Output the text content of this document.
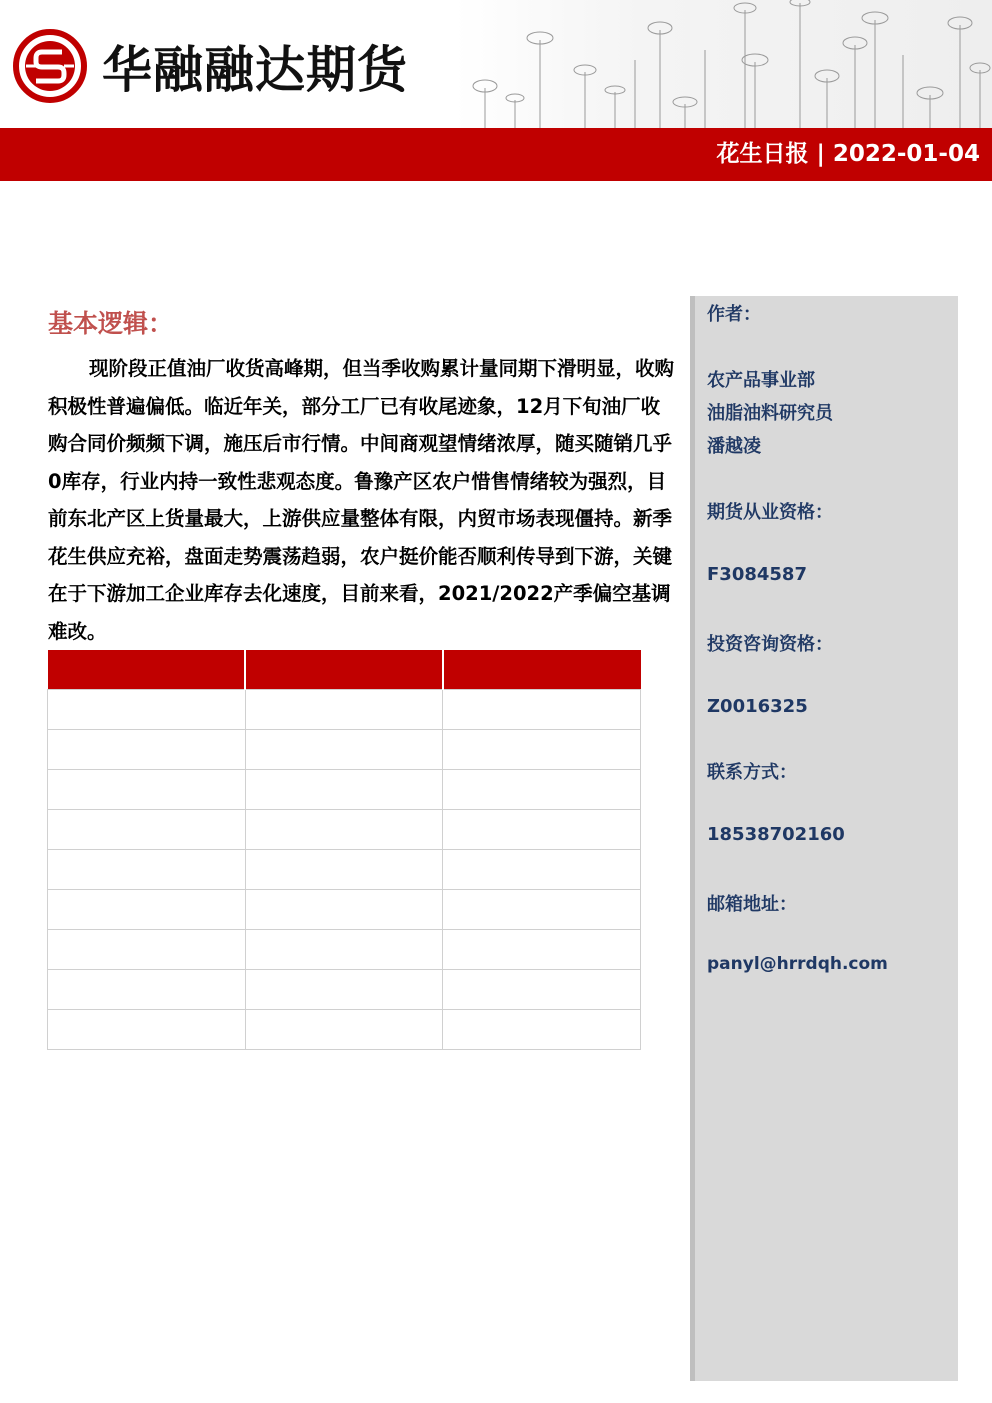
华融融达期货
花生日报 | 2022-01-04
基本逻辑：

现阶段正值油厂收货高峰期，但当季收购累计量同期下滑明显，收购积极性普遍偏低。临近年关，部分工厂已有收尾迹象，12月下旬油厂收购合同价频频下调，施压后市行情。中间商观望情绪浓厚，随买随销几乎0库存，行业内持一致性悲观态度。鲁豫产区农户惜售情绪较为强烈，目前东北产区上货量最大，上游供应量整体有限，内贸市场表现僵持。新季花生供应充裕，盘面走势震荡趋弱，农户挺价能否顺利传导到下游，关键在于下游加工企业库存去化速度，目前来看，2021/2022产季偏空基调难改。

作者：
农产品事业部
油脂油料研究员
潘越凌
期货从业资格：
F3084587
投资咨询资格：
Z0016325
联系方式：
18538702160
邮箱地址：
panyl@hrrdqh.com
